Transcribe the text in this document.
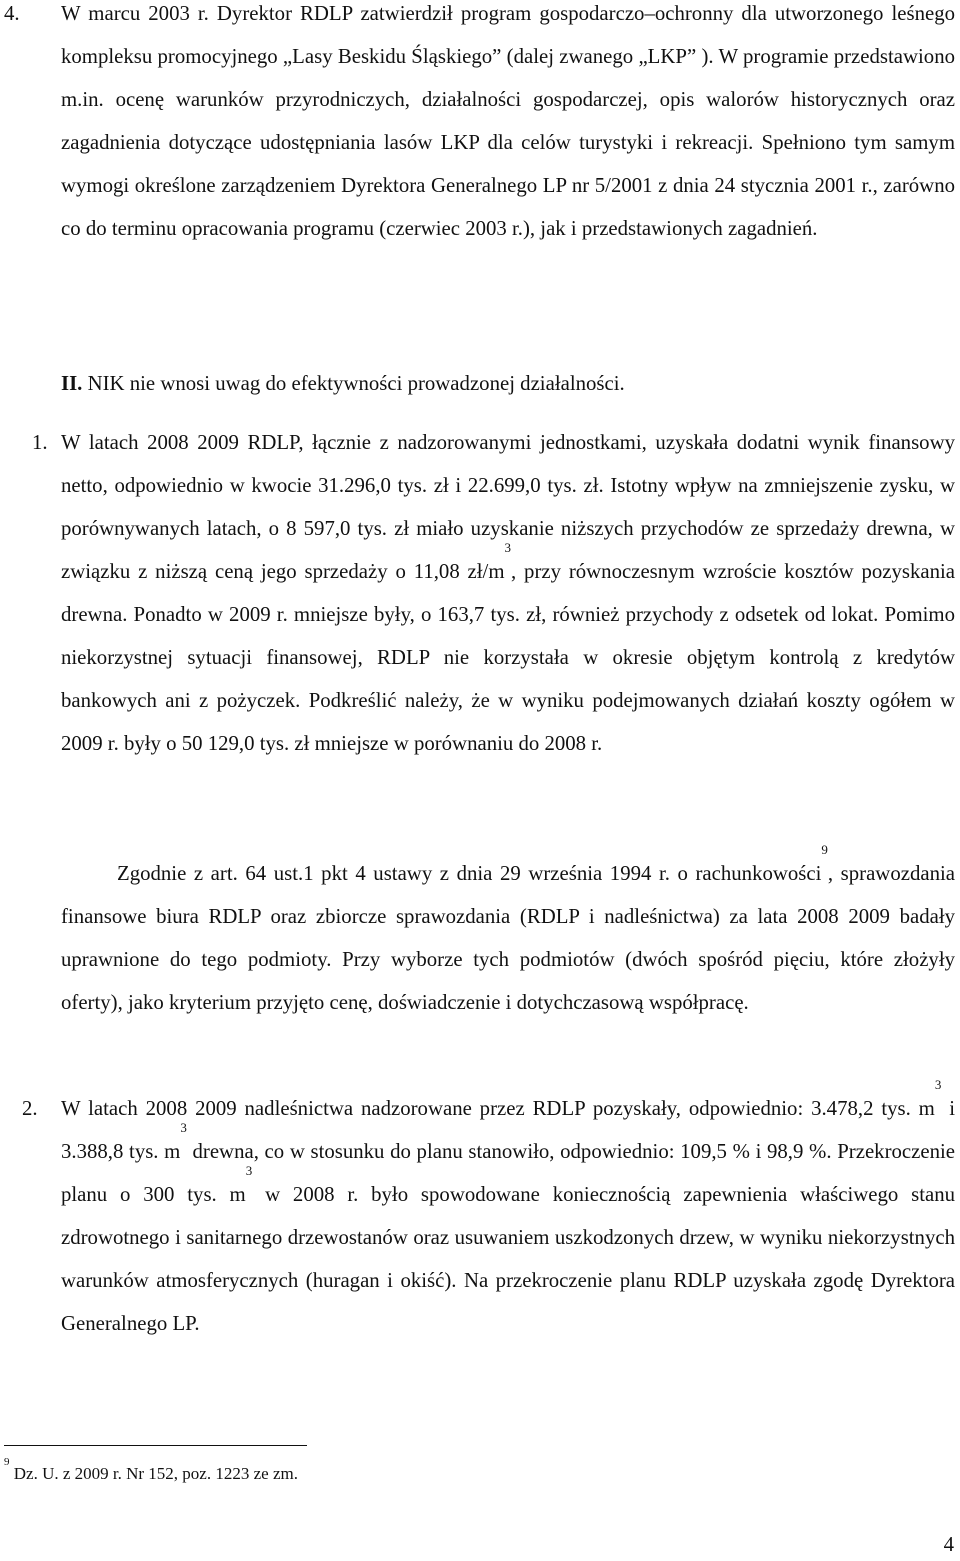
4. W marcu 2003 r. Dyrektor RDLP zatwierdził program gospodarczo–ochronny dla utworzonego leśnego kompleksu promocyjnego „Lasy Beskidu Śląskiego” (dalej zwanego „LKP” ). W programie przedstawiono m.in. ocenę warunków przyrodniczych, działalności gospodarczej, opis walorów historycznych oraz zagadnienia dotyczące udostępniania lasów LKP dla celów turystyki i rekreacji. Spełniono tym samym wymogi określone zarządzeniem Dyrektora Generalnego LP nr 5/2001 z dnia 24 stycznia 2001 r., zarówno co do terminu opracowania programu (czerwiec 2003 r.), jak i przedstawionych zagadnień.

II. NIK nie wnosi uwag do efektywności prowadzonej działalności.

1. W latach 2008 2009 RDLP, łącznie z nadzorowanymi jednostkami, uzyskała dodatni wynik finansowy netto, odpowiednio w kwocie 31.296,0 tys. zł i 22.699,0 tys. zł. Istotny wpływ na zmniejszenie zysku, w porównywanych latach, o 8 597,0 tys. zł miało uzyskanie niższych przychodów ze sprzedaży drewna, w związku z niższą ceną jego sprzedaży o 11,08 $zł/m^3$, przy równoczesnym wzroście kosztów pozyskania drewna. Ponadto w 2009 r. mniejsze były, o 163,7 tys. zł, również przychody z odsetek od lokat. Pomimo niekorzystnej sytuacji finansowej, RDLP nie korzystała w okresie objętym kontrolą z kredytów bankowych ani z pożyczek. Podkreślić należy, że w wyniku podejmowanych działań koszty ogółem w 2009 r. były o 50 129,0 tys. zł mniejsze w porównaniu do 2008 r.

Zgodnie z art. 64 ust.1 pkt 4 ustawy z dnia 29 września 1994 r. o rachunkowości$^9$, sprawozdania finansowe biura RDLP oraz zbiorcze sprawozdania (RDLP i nadleśnictwa) za lata 2008 2009 badały uprawnione do tego podmioty. Przy wyborze tych podmiotów (dwóch spośród pięciu, które złożyły oferty), jako kryterium przyjęto cenę, doświadczenie i dotychczasową współpracę.

2. W latach 2008 2009 nadleśnictwa nadzorowane przez RDLP pozyskały, odpowiednio: 3.478,2 tys. $m^3$ i 3.388,8 tys. $m^3$ drewna, co w stosunku do planu stanowiło, odpowiednio: 109,5 % i 98,9 %. Przekroczenie planu o 300 tys. $m^3$ w 2008 r. było spowodowane koniecznością zapewnienia właściwego stanu zdrowotnego i sanitarnego drzewostanów oraz usuwaniem uszkodzonych drzew, w wyniku niekorzystnych warunków atmosferycznych (huragan i okiść). Na przekroczenie planu RDLP uzyskała zgodę Dyrektora Generalnego LP.

$^9$ Dz. U. z 2009 r. Nr 152, poz. 1223 ze zm.

4
